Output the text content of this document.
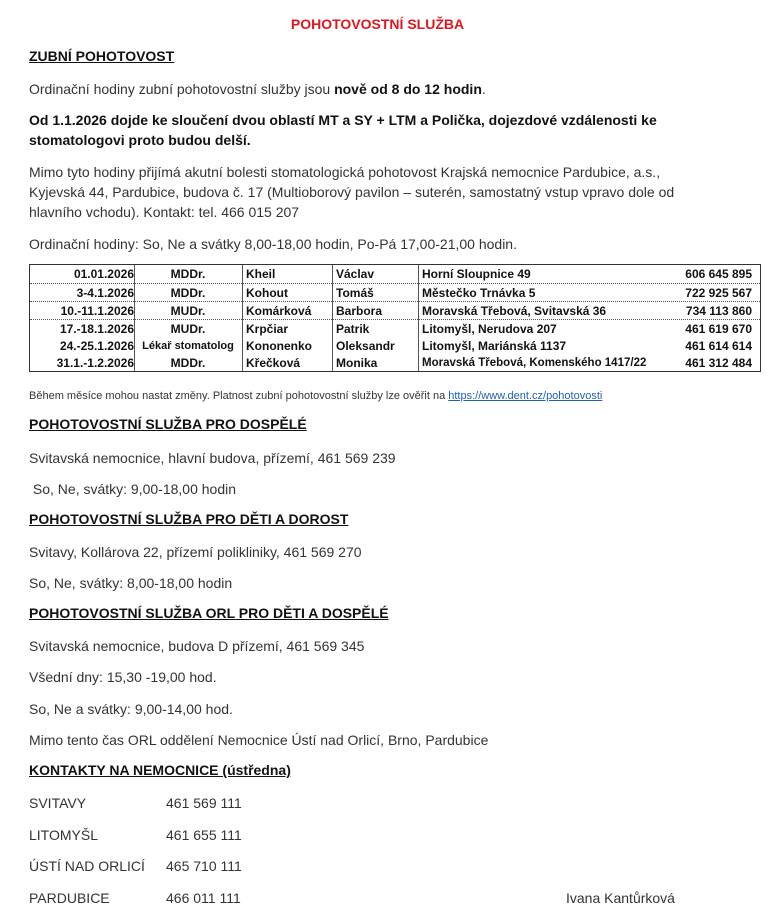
POHOTOVOSTNÍ SLUŽBA
ZUBNÍ POHOTOVOST
Ordinační hodiny zubní pohotovostní služby jsou nově od 8 do 12 hodin.
Od 1.1.2026 dojde ke sloučení dvou oblastí MT a SY + LTM a Polička, dojezdové vzdálenosti ke
stomatologovi proto budou delší.
Mimo tyto hodiny přijímá akutní bolesti stomatologická pohotovost Krajská nemocnice Pardubice, a.s.,
Kyjevská 44, Pardubice, budova č. 17 (Multioborový pavilon – suterén, samostatný vstup vpravo dole od
hlavního vchodu). Kontakt: tel. 466 015 207
Ordinační hodiny: So, Ne a svátky 8,00-18,00 hodin, Po-Pá 17,00-21,00 hodin.
01.01.2026	MDDr.	Kheil	Václav	Horní Sloupnice 49	606 645 895
3-4.1.2026	MDDr.	Kohout	Tomáš	Městečko Trnávka 5	722 925 567
10.-11.1.2026	MUDr.	Komárková	Barbora	Moravská Třebová, Svitavská 36	734 113 860
17.-18.1.2026	MUDr.	Krpčiar	Patrik	Litomyšl, Nerudova 207	461 619 670
24.-25.1.2026 Lékař stomatolog	Kononenko	Oleksandr	Litomyšl, Mariánská 1137	461 614 614
31.1.-1.2.2026	MDDr.	Křečková	Monika	Moravská Třebová, Komenského 1417/22	461 312 484
Během měsíce mohou nastat změny. Platnost zubní pohotovostní služby lze ověřit na https://www.dent.cz/pohotovosti
POHOTOVOSTNÍ SLUŽBA PRO DOSPĚLÉ
Svitavská nemocnice, hlavní budova, přízemí, 461 569 239
So, Ne, svátky: 9,00-18,00 hodin
POHOTOVOSTNÍ SLUŽBA PRO DĚTI A DOROST
Svitavy, Kollárova 22, přízemí polikliniky, 461 569 270
So, Ne, svátky: 8,00-18,00 hodin
POHOTOVOSTNÍ SLUŽBA ORL PRO DĚTI A DOSPĚLÉ
Svitavská nemocnice, budova D přízemí, 461 569 345
Všední dny: 15,30 -19,00 hod.
So, Ne a svátky: 9,00-14,00 hod.
Mimo tento čas ORL oddělení Nemocnice Ústí nad Orlicí, Brno, Pardubice
KONTAKTY NA NEMOCNICE (ústředna)
SVITAVY	461 569 111
LITOMYŠL	461 655 111
ÚSTÍ NAD ORLICÍ 465 710 111
PARDUBICE	466 011 111	Ivana Kantůrková
